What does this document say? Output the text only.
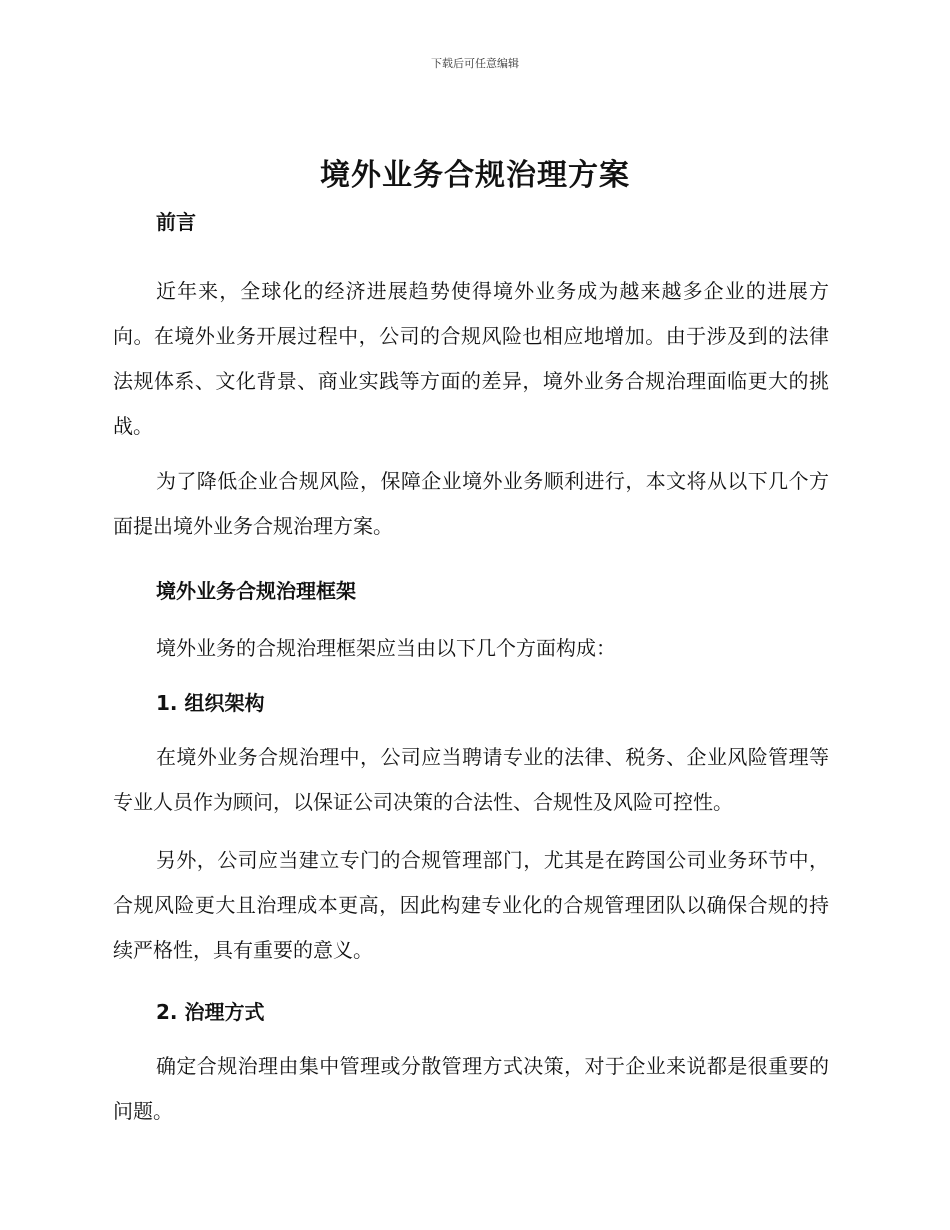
下载后可任意编辑
境外业务合规治理方案

前言

近年来，全球化的经济进展趋势使得境外业务成为越来越多企业的进展方向。在境外业务开展过程中，公司的合规风险也相应地增加。由于涉及到的法律法规体系、文化背景、商业实践等方面的差异，境外业务合规治理面临更大的挑战。

为了降低企业合规风险，保障企业境外业务顺利进行，本文将从以下几个方面提出境外业务合规治理方案。

境外业务合规治理框架

境外业务的合规治理框架应当由以下几个方面构成：

1. 组织架构

在境外业务合规治理中，公司应当聘请专业的法律、税务、企业风险管理等专业人员作为顾问，以保证公司决策的合法性、合规性及风险可控性。

另外，公司应当建立专门的合规管理部门，尤其是在跨国公司业务环节中，合规风险更大且治理成本更高，因此构建专业化的合规管理团队以确保合规的持续严格性，具有重要的意义。

2. 治理方式

确定合规治理由集中管理或分散管理方式决策，对于企业来说都是很重要的问题。
